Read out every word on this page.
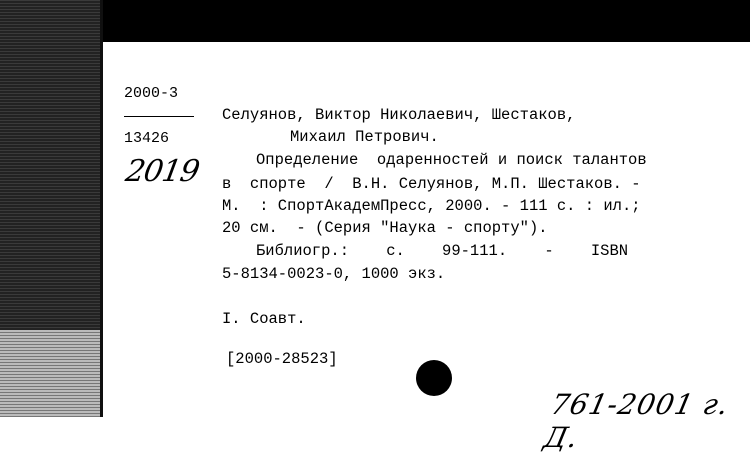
2000-3
13426
2019
Селуянов, Виктор Николаевич, Шестаков,
Михаил Петрович.
Определение  одаренностей и поиск талантов
в  спорте  /  В.Н. Селуянов, М.П. Шестаков. -
М.  : СпортАкадемПресс, 2000. - 111 с. : ил.;
20 см.  - (Серия "Наука - спорту").
Библиогр.:    с.    99-111.    -    ISBN
5-8134-0023-0, 1000 экз.
I. Соавт.
[2000-28523]
761-2001 г. Д.
